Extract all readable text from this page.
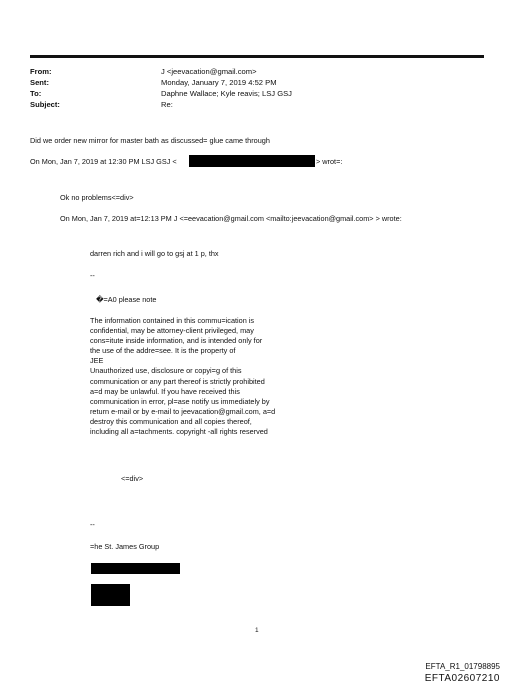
From:	J <jeevacation@gmail.com>
Sent:	Monday, January 7, 2019 4:52 PM
To:	Daphne Wallace; Kyle reavis; LSJ GSJ
Subject:	Re:
Did we order new mirror for master bath as discussed= glue came through
On Mon, Jan 7, 2019 at 12:30 PM LSJ GSJ <	> wrot=:
Ok no problems<=div>
On Mon, Jan 7, 2019 at=12:13 PM J <=eevacation@gmail.com <mailto:jeevacation@gmail.com> > wrote:
darren rich and i will go to gsj at 1 p, thx
--
�=A0 please note
The information contained in this commu=ication is
confidential, may be attorney-client privileged, may
cons=itute inside information, and is intended only for
the use of the addre=see. It is the property of
JEE
Unauthorized use, disclosure or copyi=g of this
communication or any part thereof is strictly prohibited
a=d may be unlawful. If you have received this
communication in error, pl=ase notify us immediately by
return e-mail or by e-mail to jeevacation@gmail.com, a=d
destroy this communication and all copies thereof,
including all a=tachments. copyright -all rights reserved
<=div>
--
=he St. James Group
1
EFTA_R1_01798895
EFTA02607210
